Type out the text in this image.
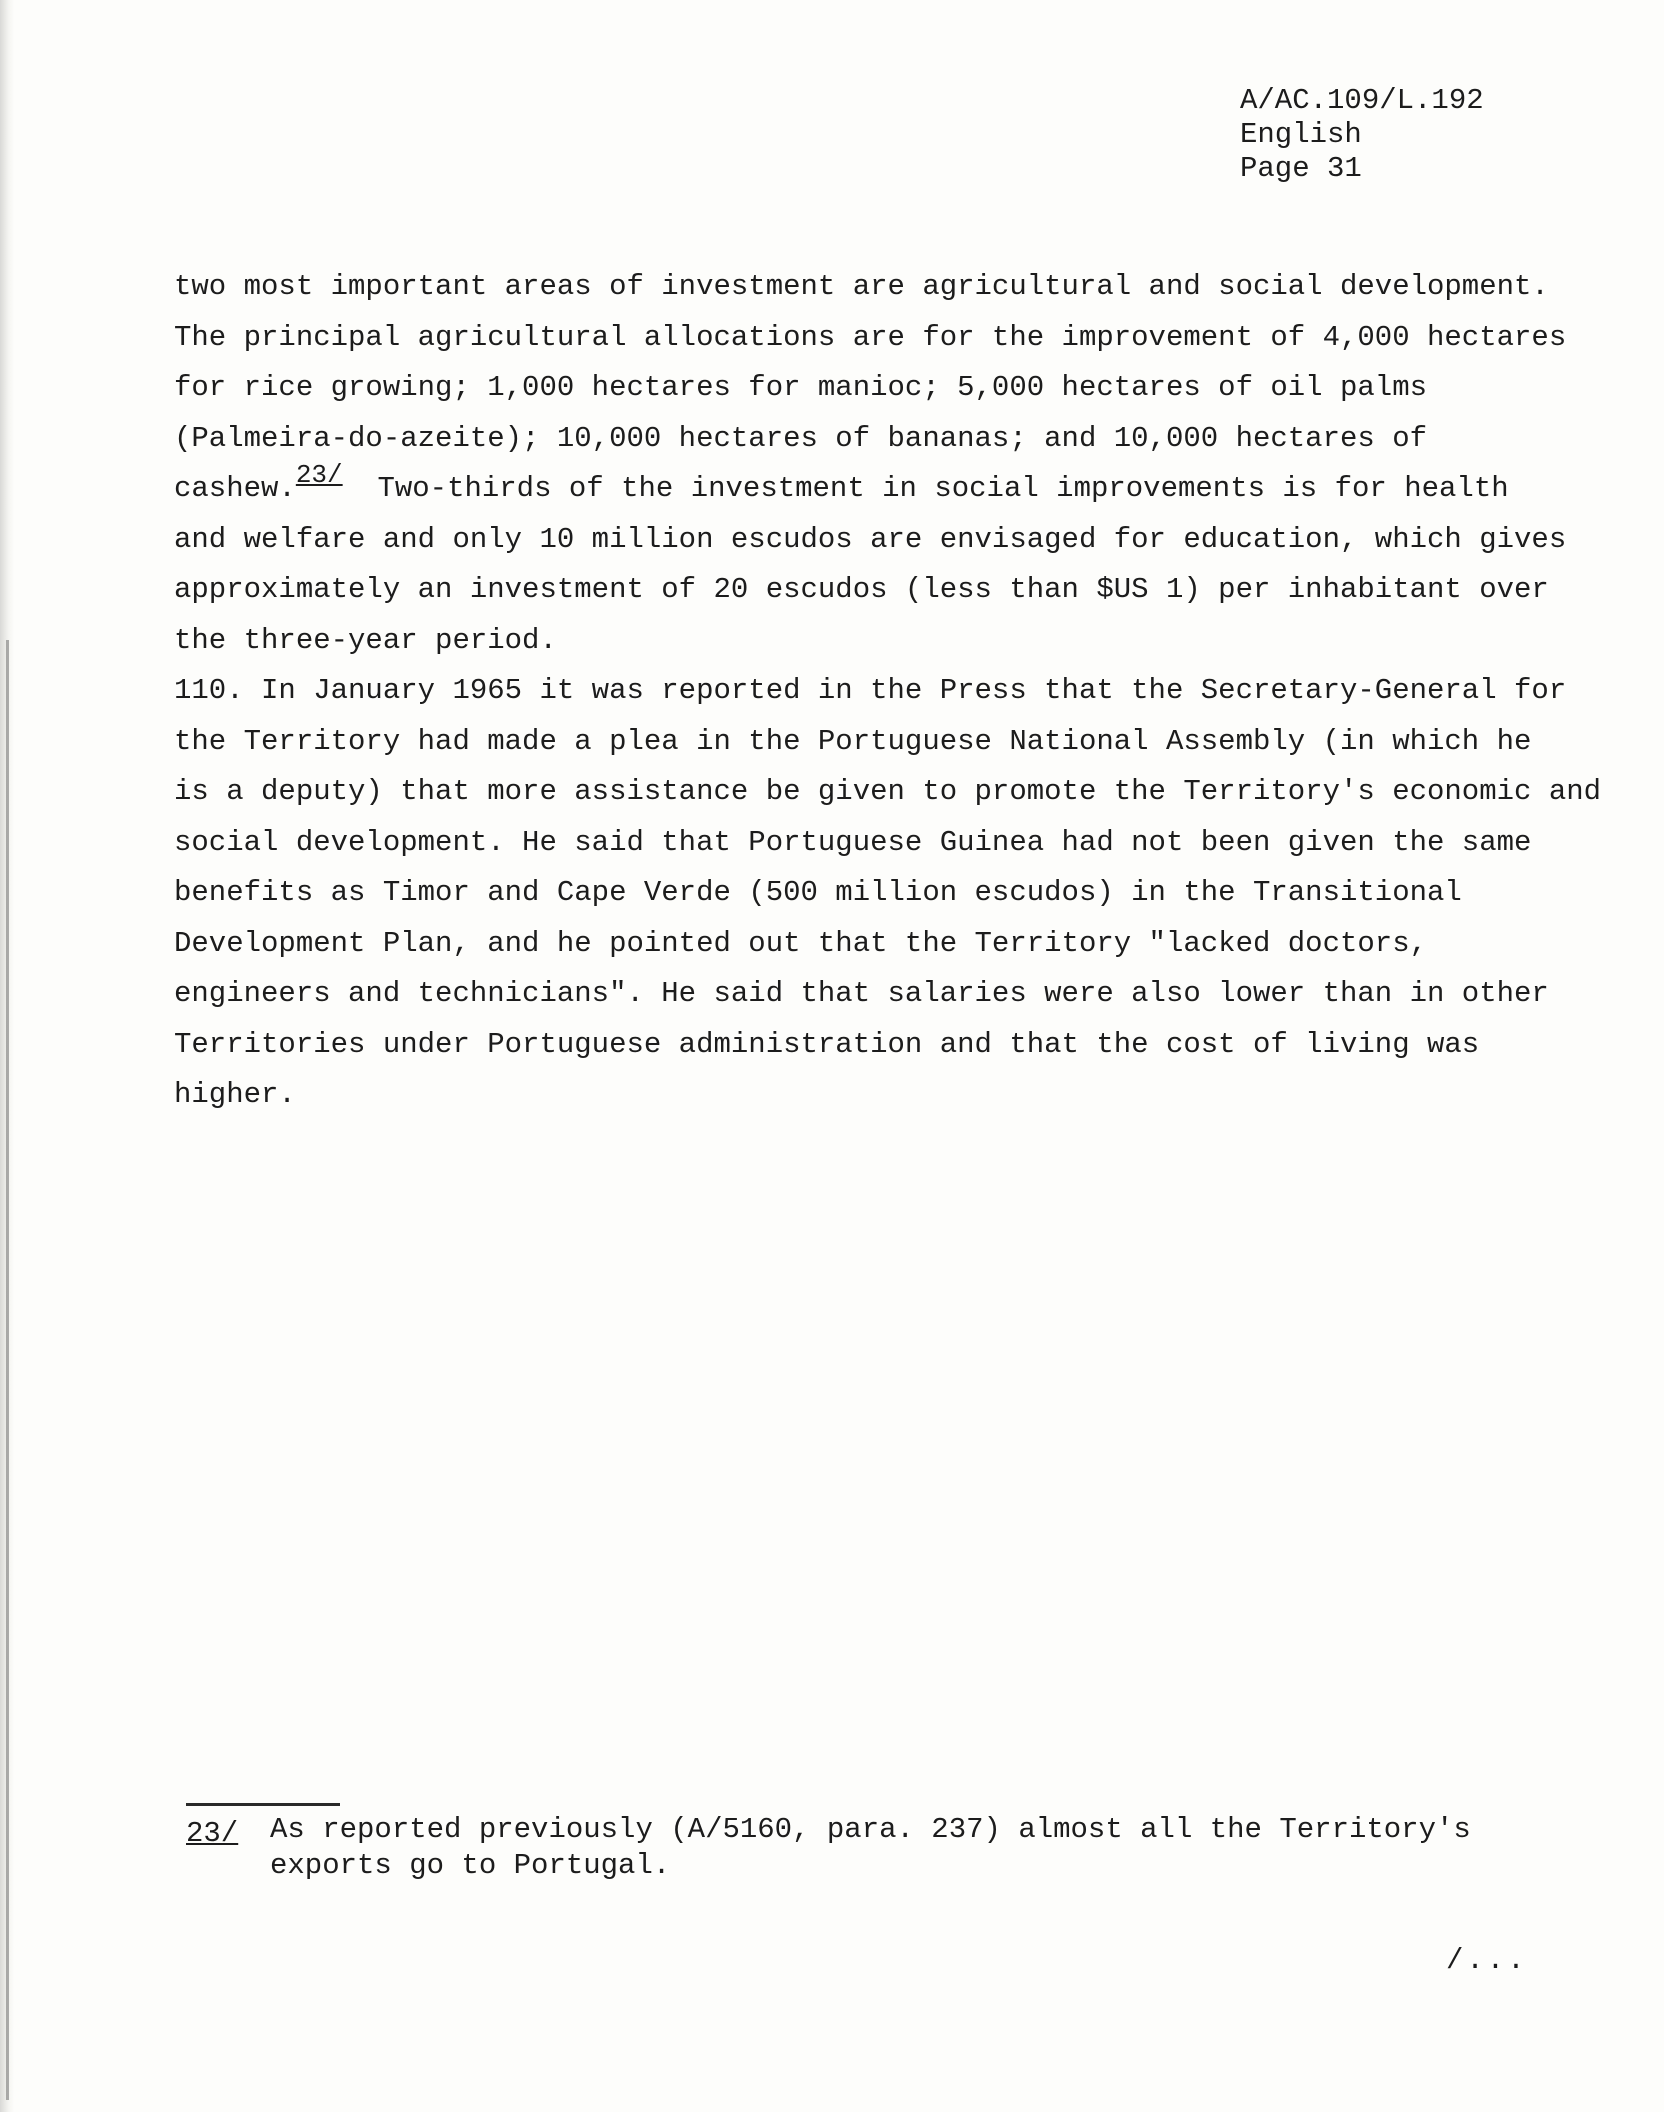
A/AC.109/L.192
English
Page 31
two most important areas of investment are agricultural and social development.
The principal agricultural allocations are for the improvement of 4,000 hectares
for rice growing; 1,000 hectares for manioc; 5,000 hectares of oil palms
(Palmeira-do-azeite); 10,000 hectares of bananas; and 10,000 hectares of
cashew.23/ Two-thirds of the investment in social improvements is for health
and welfare and only 10 million escudos are envisaged for education, which gives
approximately an investment of 20 escudos (less than $US 1) per inhabitant over
the three-year period.
110. In January 1965 it was reported in the Press that the Secretary-General for
the Territory had made a plea in the Portuguese National Assembly (in which he
is a deputy) that more assistance be given to promote the Territory's economic and
social development. He said that Portuguese Guinea had not been given the same
benefits as Timor and Cape Verde (500 million escudos) in the Transitional
Development Plan, and he pointed out that the Territory "lacked doctors,
engineers and technicians". He said that salaries were also lower than in other
Territories under Portuguese administration and that the cost of living was
higher.
23/ As reported previously (A/5160, para. 237) almost all the Territory's
exports go to Portugal.
/...
